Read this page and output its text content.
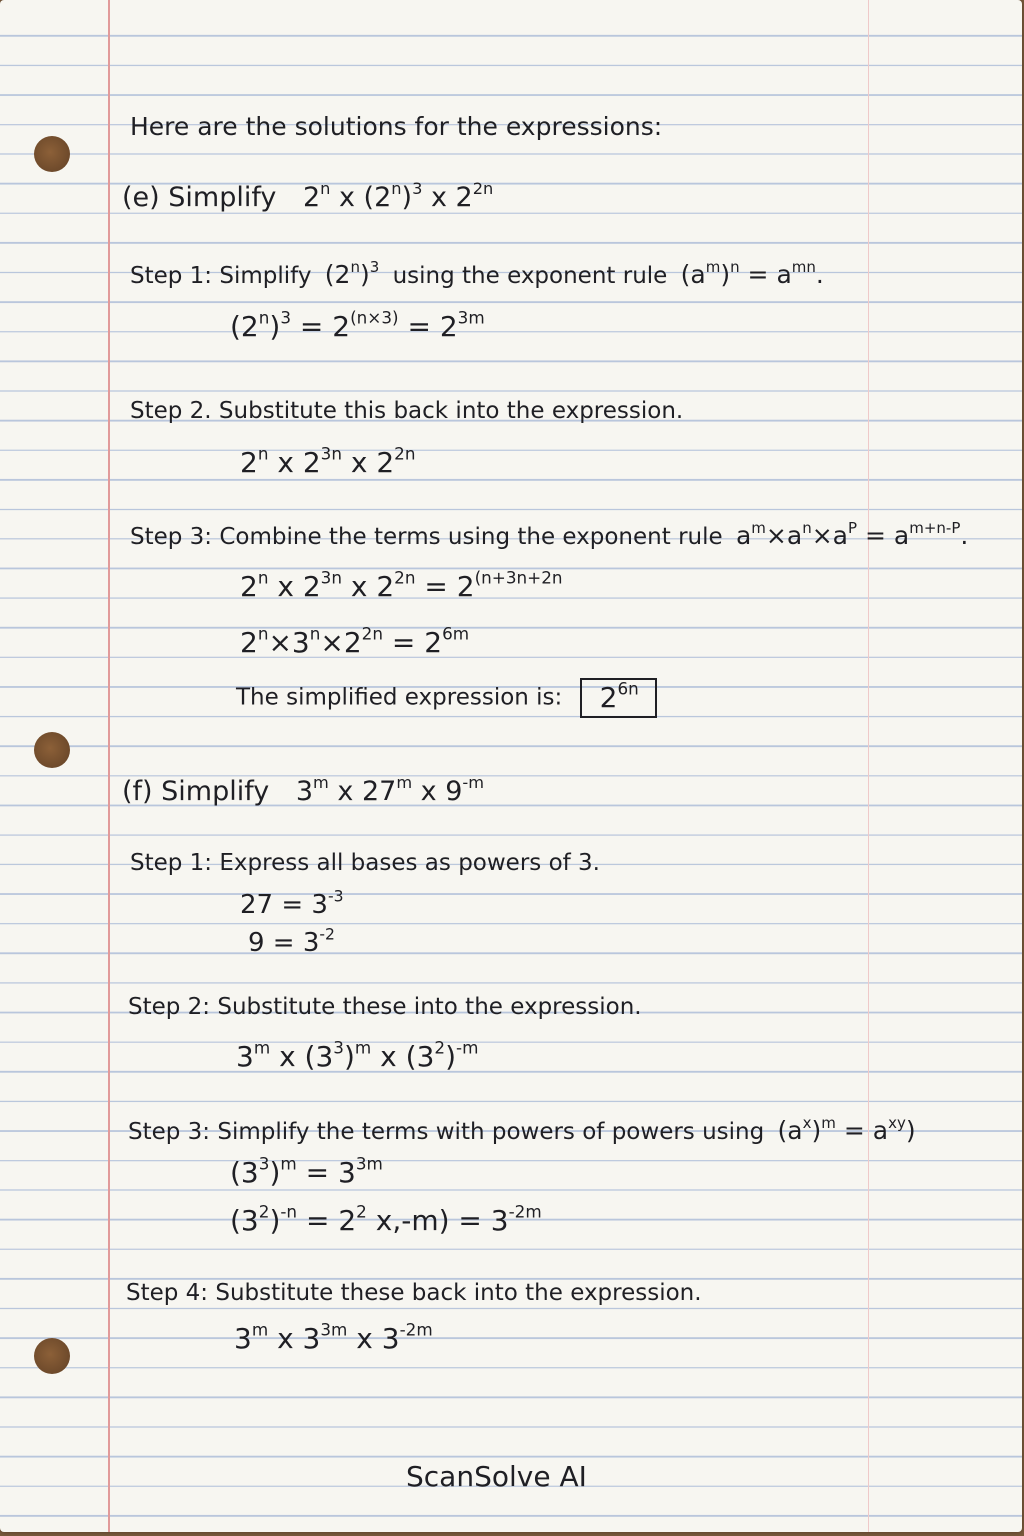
Here are the solutions for the expressions:
(e) Simplify 2$^n$ x $(2^n)^3$ x $2^{2n}$
Step 1: Simplify $(2^n)^3$ using the exponent rule $(a^m)^n = a^{mn}$.
$(2^n)^3 = 2^{(n\times 3)} = 2^{3m}$
Step 2. Substitute this back into the expression.
2$^n$ x $2^{3n}$ x $2^{2n}$
Step 3: Combine the terms using the exponent rule $a^m\times a^n\times a^P = a^{m+n-P}$.
2$^n$ x $2^{3n}$ x $2^{2n} = 2^{(n+3n+2n}$
$2^n\times 3^n\times 2^{2n} = 2^{6m}$
The simplified expression is: $2^{6n}$
(f) Simplify 3$^m$ x 27$^m$ x $9^{-m}$
Step 1: Express all bases as powers of 3.
$27 = 3^{-3}$
$9 = 3^{-2}$
Step 2: Substitute these into the expression.
3$^m$ x $(3^3)^m$ x $(3^2)^{-m}$
Step 3: Simplify the terms with powers of powers using $(a^x)^m = a^{xy}$)
$(3^3)^m = 3^{3m}$
$(3^2)^{-n} = 2^2$ $x,-m) = 3^{-2m}$
Step 4: Substitute these back into the expression.
3$^m$ x $3^{3m}$ x $3^{-2m}$
ScanSolve AI
